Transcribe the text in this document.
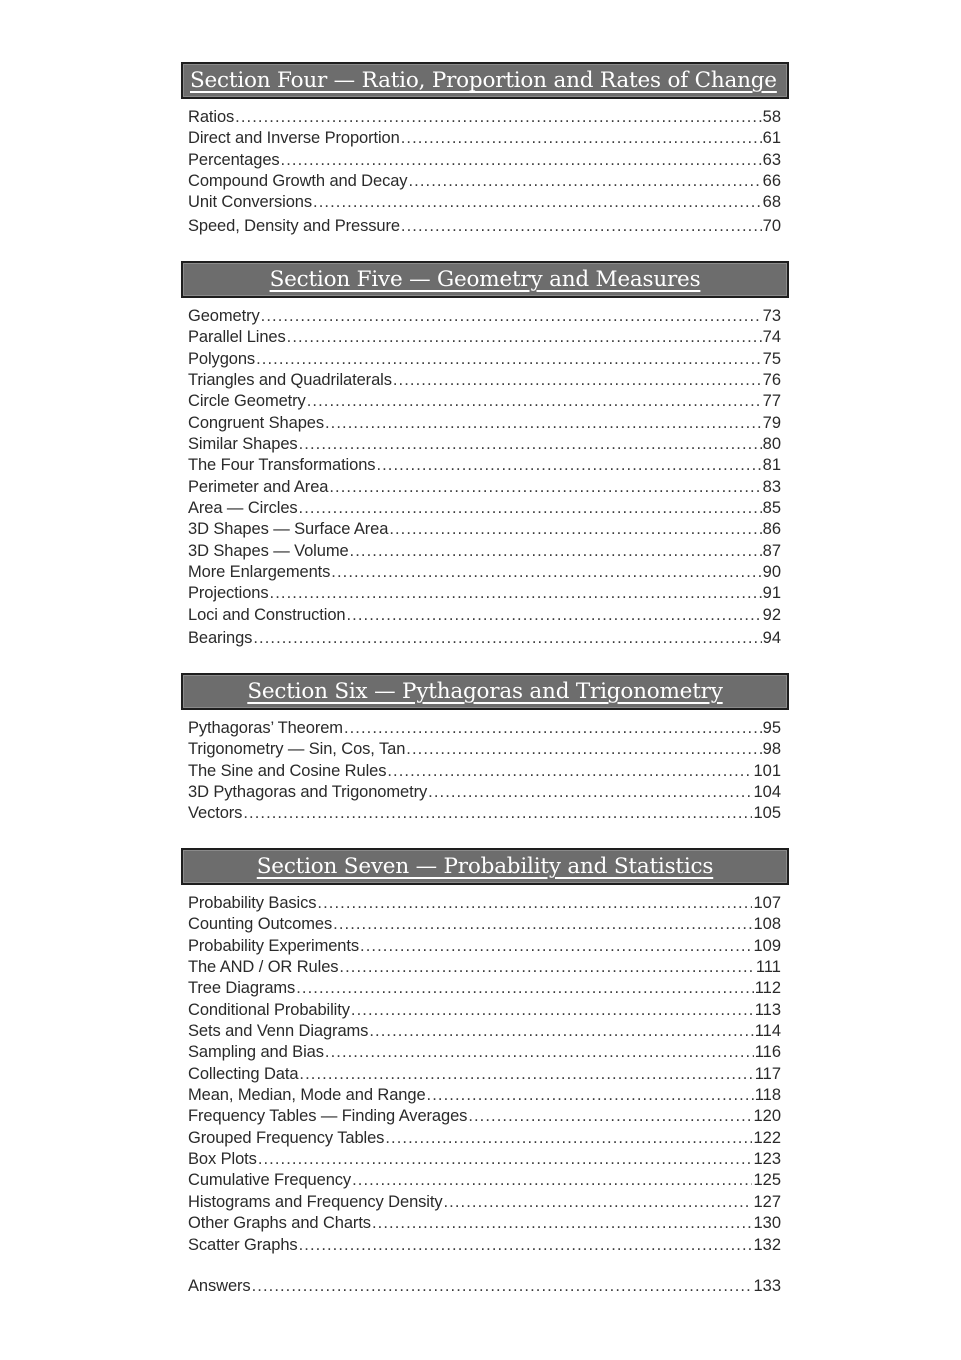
Section Four — Ratio, Proportion and Rates of Change
Ratios .....	58
Direct and Inverse Proportion .....	61
Percentages .....	63
Compound Growth and Decay .....	66
Unit Conversions .....	68
Speed, Density and Pressure .....	70
Section Five — Geometry and Measures
Geometry .....	73
Parallel Lines .....	74
Polygons .....	75
Triangles and Quadrilaterals .....	76
Circle Geometry .....	77
Congruent Shapes .....	79
Similar Shapes .....	80
The Four Transformations .....	81
Perimeter and Area .....	83
Area — Circles .....	85
3D Shapes — Surface Area .....	86
3D Shapes — Volume .....	87
More Enlargements .....	90
Projections .....	91
Loci and Construction .....	92
Bearings .....	94
Section Six — Pythagoras and Trigonometry
Pythagoras’ Theorem .....	95
Trigonometry — Sin, Cos, Tan .....	98
The Sine and Cosine Rules .....	101
3D Pythagoras and Trigonometry .....	104
Vectors .....	105
Section Seven — Probability and Statistics
Probability Basics .....	107
Counting Outcomes .....	108
Probability Experiments .....	109
The AND / OR Rules .....	111
Tree Diagrams .....	112
Conditional Probability .....	113
Sets and Venn Diagrams .....	114
Sampling and Bias .....	116
Collecting Data .....	117
Mean, Median, Mode and Range .....	118
Frequency Tables — Finding Averages .....	120
Grouped Frequency Tables .....	122
Box Plots .....	123
Cumulative Frequency .....	125
Histograms and Frequency Density .....	127
Other Graphs and Charts .....	130
Scatter Graphs .....	132
Answers .....	133
